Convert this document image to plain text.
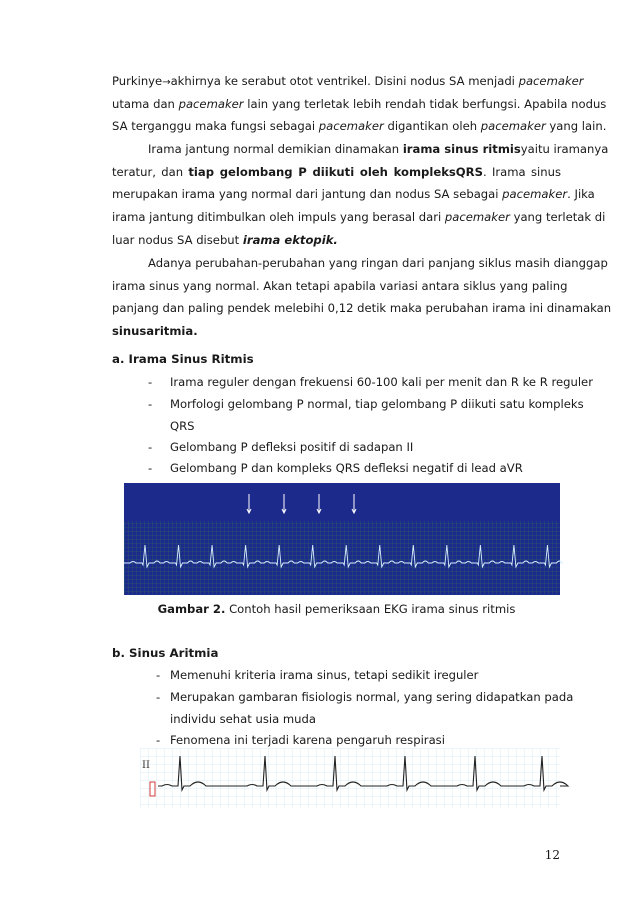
Purkinye→akhirnya ke serabut otot ventrikel. Disini nodus SA menjadi pacemaker
utama dan pacemaker lain yang terletak lebih rendah tidak berfungsi. Apabila nodus
SA terganggu maka fungsi sebagai pacemaker digantikan oleh pacemaker yang lain.
Irama jantung normal demikian dinamakan irama sinus ritmisyaitu iramanya
teratur, dan tiap gelombang P diikuti oleh kompleksQRS. Irama sinus
merupakan irama yang normal dari jantung dan nodus SA sebagai pacemaker. Jika
irama jantung ditimbulkan oleh impuls yang berasal dari pacemaker yang terletak di
luar nodus SA disebut irama ektopik.
Adanya perubahan-perubahan yang ringan dari panjang siklus masih dianggap
irama sinus yang normal. Akan tetapi apabila variasi antara siklus yang paling
panjang dan paling pendek melebihi 0,12 detik maka perubahan irama ini dinamakan
sinusaritmia.
a. Irama Sinus Ritmis
-	Irama reguler dengan frekuensi 60-100 kali per menit dan R ke R reguler
-	Morfologi gelombang P normal, tiap gelombang P diikuti satu kompleks
QRS
-	Gelombang P defleksi positif di sadapan II
-	Gelombang P dan kompleks QRS defleksi negatif di lead aVR
Gambar 2. Contoh hasil pemeriksaan EKG irama sinus ritmis
b. Sinus Aritmia
- Memenuhi kriteria irama sinus, tetapi sedikit ireguler
- Merupakan gambaran fisiologis normal, yang sering didapatkan pada
individu sehat usia muda
- Fenomena ini terjadi karena pengaruh respirasi
II
12
